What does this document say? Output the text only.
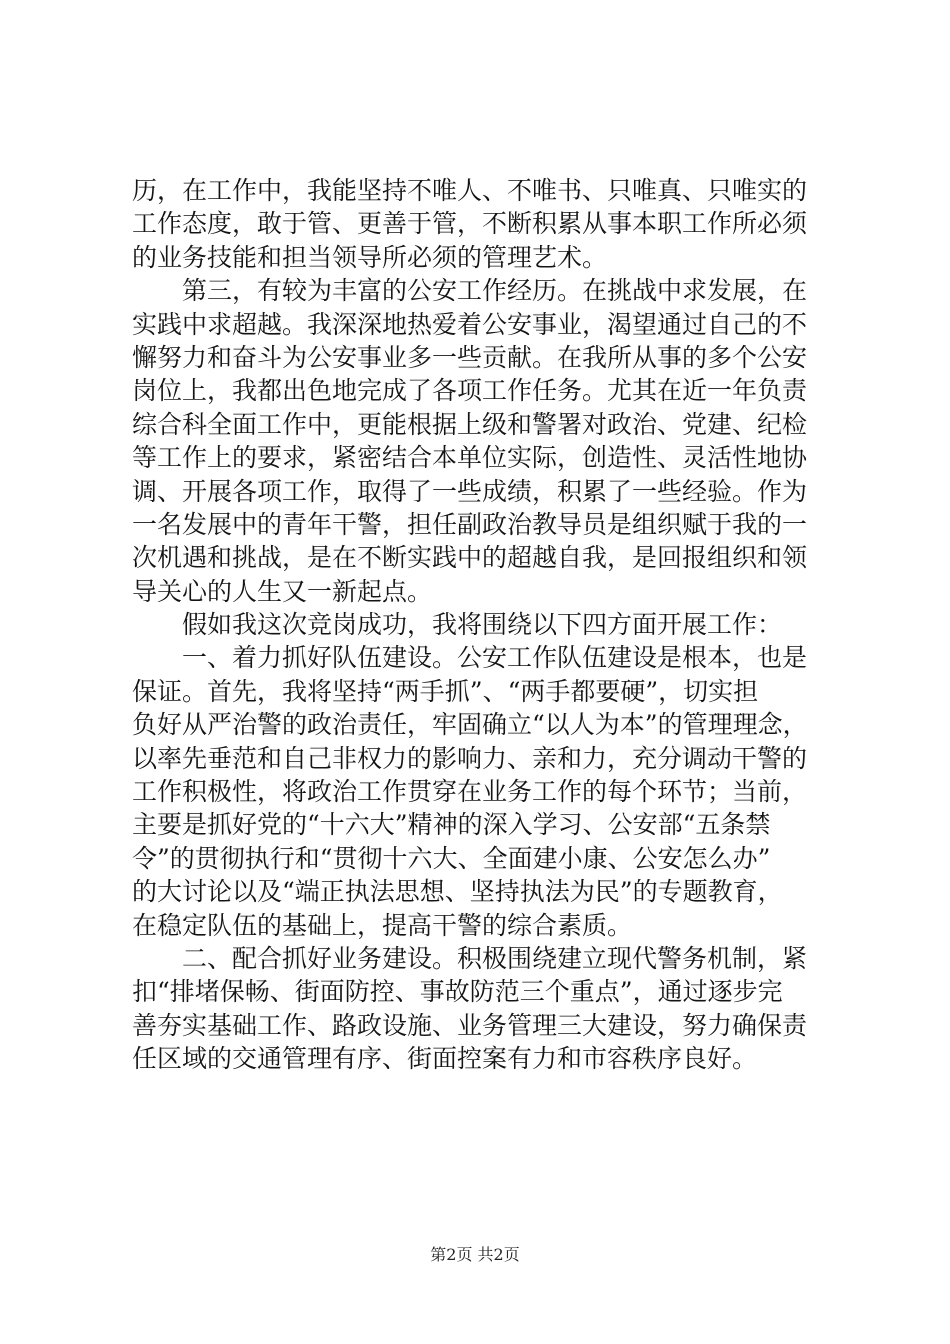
历，在工作中，我能坚持不唯人、不唯书、只唯真、只唯实的
工作态度，敢于管、更善于管，不断积累从事本职工作所必须
的业务技能和担当领导所必须的管理艺术。
第三，有较为丰富的公安工作经历。在挑战中求发展，在
实践中求超越。我深深地热爱着公安事业，渴望通过自己的不
懈努力和奋斗为公安事业多一些贡献。在我所从事的多个公安
岗位上，我都出色地完成了各项工作任务。尤其在近一年负责
综合科全面工作中，更能根据上级和警署对政治、党建、纪检
等工作上的要求，紧密结合本单位实际，创造性、灵活性地协
调、开展各项工作，取得了一些成绩，积累了一些经验。作为
一名发展中的青年干警，担任副政治教导员是组织赋于我的一
次机遇和挑战，是在不断实践中的超越自我，是回报组织和领
导关心的人生又一新起点。
假如我这次竞岗成功，我将围绕以下四方面开展工作：
一、着力抓好队伍建设。公安工作队伍建设是根本，也是
保证。首先，我将坚持“两手抓”、“两手都要硬”，切实担
负好从严治警的政治责任，牢固确立“以人为本”的管理理念，
以率先垂范和自己非权力的影响力、亲和力，充分调动干警的
工作积极性，将政治工作贯穿在业务工作的每个环节；当前，
主要是抓好党的“十六大”精神的深入学习、公安部“五条禁
令”的贯彻执行和“贯彻十六大、全面建小康、公安怎么办”
的大讨论以及“端正执法思想、坚持执法为民”的专题教育，
在稳定队伍的基础上，提高干警的综合素质。
二、配合抓好业务建设。积极围绕建立现代警务机制，紧
扣“排堵保畅、街面防控、事故防范三个重点”，通过逐步完
善夯实基础工作、路政设施、业务管理三大建设，努力确保责
任区域的交通管理有序、街面控案有力和市容秩序良好。
第2页 共2页
